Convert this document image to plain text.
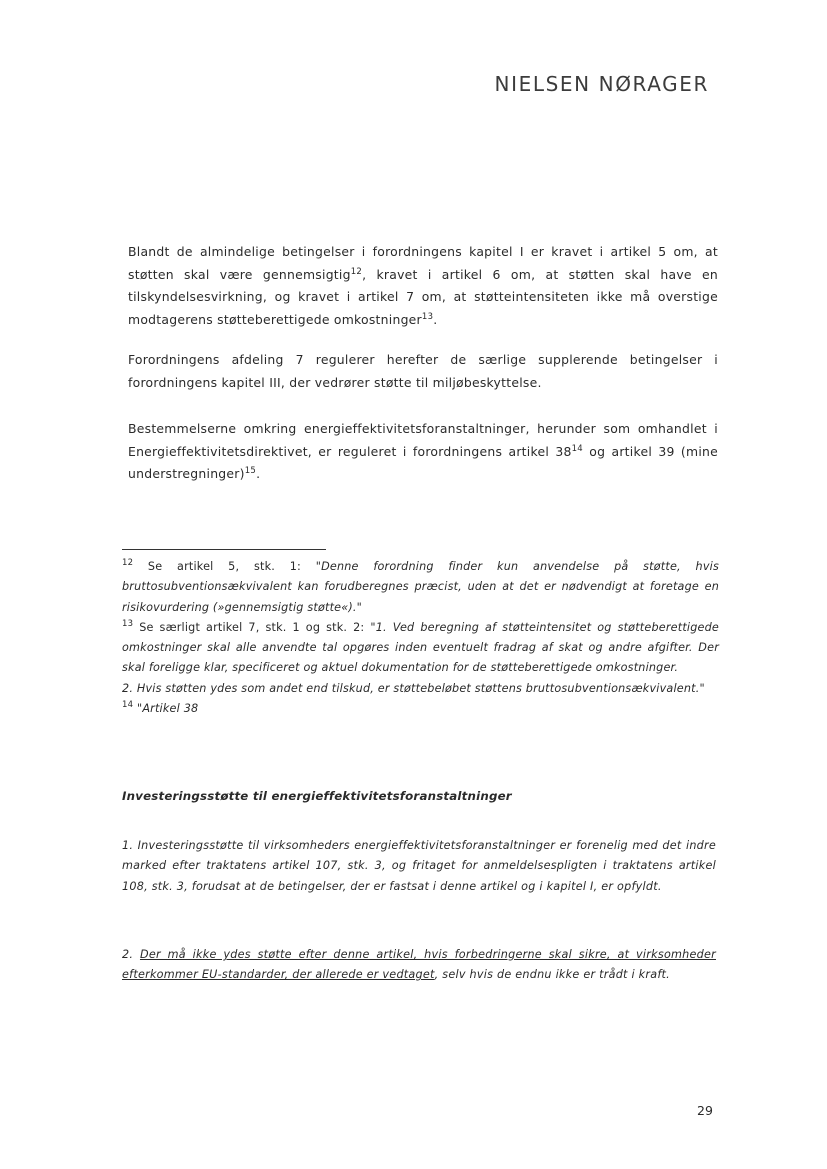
NIELSEN NØRAGER

Blandt de almindelige betingelser i forordningens kapitel I er kravet i artikel 5 om, at støtten skal være gennemsigtig$^{12}$, kravet i artikel 6 om, at støtten skal have en tilskyndelsesvirkning, og kravet i artikel 7 om, at støtteintensiteten ikke må overstige modtagerens støtteberettigede omkostninger$^{13}$.

Forordningens afdeling 7 regulerer herefter de særlige supplerende betingelser i forordningens kapitel III, der vedrører støtte til miljøbeskyttelse.

Bestemmelserne omkring energieffektivitetsforanstaltninger, herunder som omhandlet i Energieffektivitetsdirektivet, er reguleret i forordningens artikel $38^{14}$ og artikel 39 (mine understregninger)$^{15}$.

$^{12}$ Se artikel 5, stk. 1: "Denne forordning finder kun anvendelse på støtte, hvis bruttosubventionsækvivalent kan forudberegnes præcist, uden at det er nødvendigt at foretage en risikovurdering (»gennemsigtig støtte«)."

$^{13}$ Se særligt artikel 7, stk. 1 og stk. 2: "1. Ved beregning af støtteintensitet og støtteberettigede omkostninger skal alle anvendte tal opgøres inden eventuelt fradrag af skat og andre afgifter. Der skal foreligge klar, specificeret og aktuel dokumentation for de støtteberettigede omkostninger.

2. Hvis støtten ydes som andet end tilskud, er støttebeløbet støttens bruttosubventionsækvivalent."

$^{14}$ "Artikel 38

Investeringsstøtte til energieffektivitetsforanstaltninger

1. Investeringsstøtte til virksomheders energieffektivitetsforanstaltninger er forenelig med det indre marked efter traktatens artikel 107, stk. 3, og fritaget for anmeldelsespligten i traktatens artikel 108, stk. 3, forudsat at de betingelser, der er fastsat i denne artikel og i kapitel I, er opfyldt.

2. Der må ikke ydes støtte efter denne artikel, hvis forbedringerne skal sikre, at virksomheder efterkommer EU-standarder, der allerede er vedtaget, selv hvis de endnu ikke er trådt i kraft.

29
